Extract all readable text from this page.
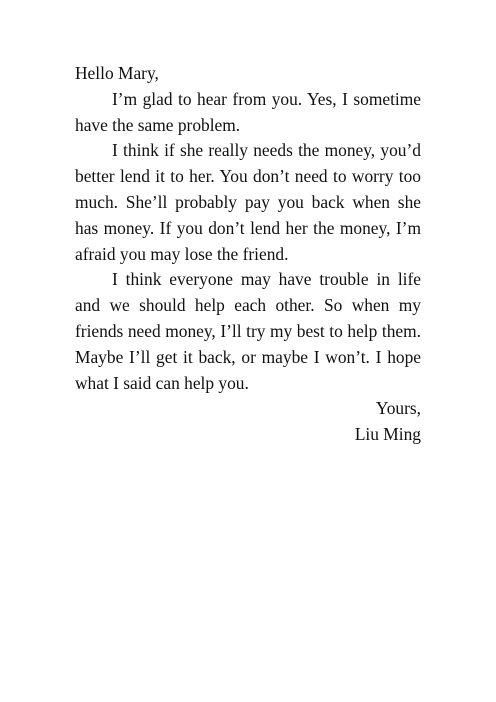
Hello Mary,

I’m glad to hear from you. Yes, I sometime have the same problem.

I think if she really needs the money, you’d better lend it to her. You don’t need to worry too much. She’ll probably pay you back when she has money. If you don’t lend her the money, I’m afraid you may lose the friend.

I think everyone may have trouble in life and we should help each other. So when my friends need money, I’ll try my best to help them. Maybe I’ll get it back, or maybe I won’t. I hope what I said can help you.

Yours,

Liu Ming
